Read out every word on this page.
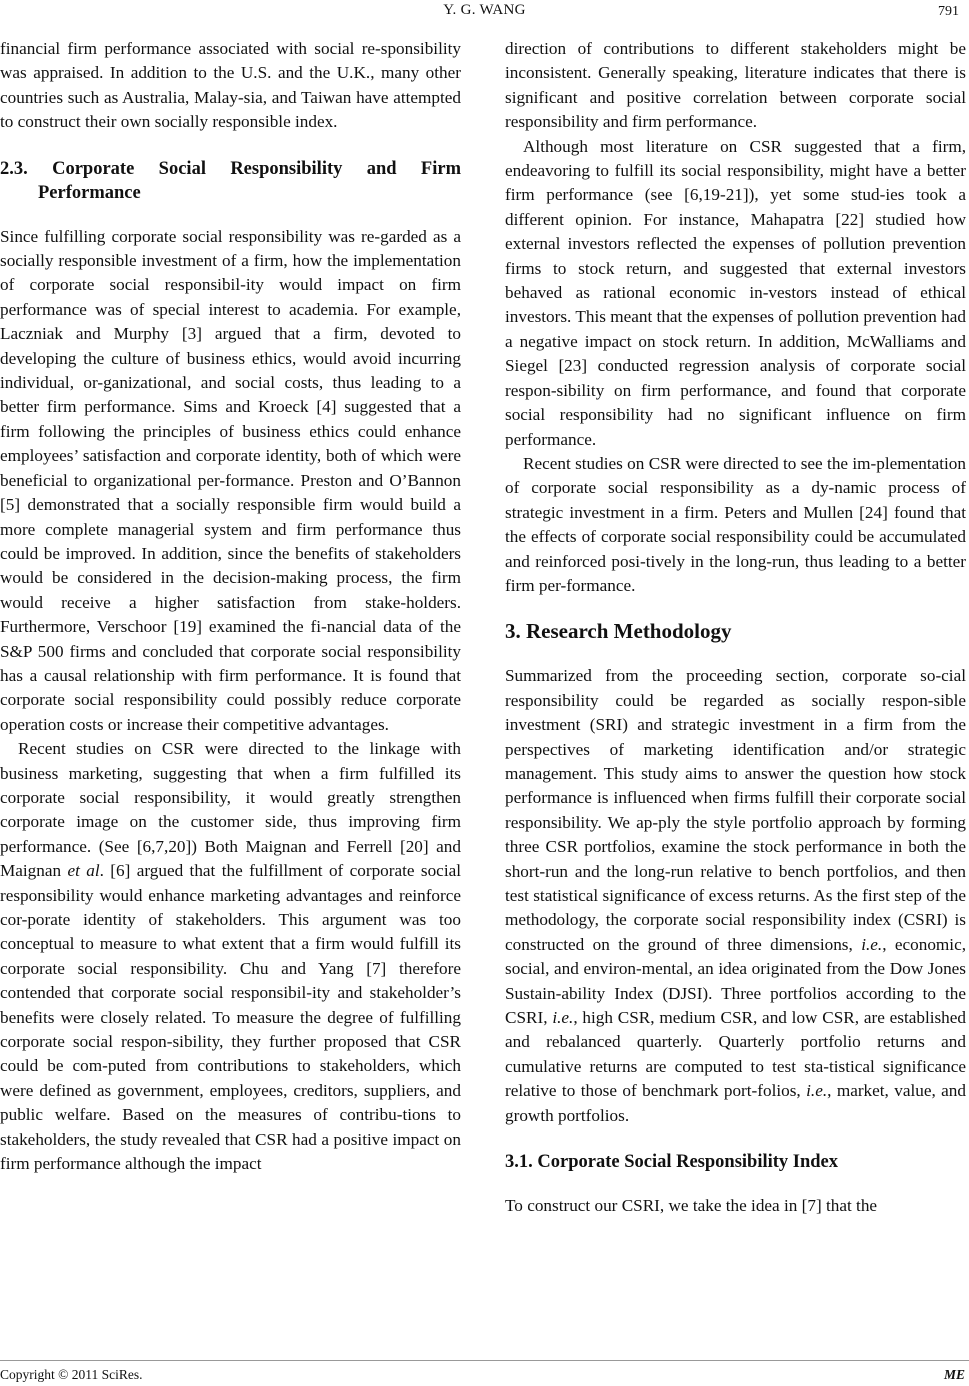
Y. G. WANG	791

financial firm performance associated with social re-sponsibility was appraised. In addition to the U.S. and the U.K., many other countries such as Australia, Malay-sia, and Taiwan have attempted to construct their own socially responsible index.

2.3. Corporate Social Responsibility and Firm Performance

Since fulfilling corporate social responsibility was re-garded as a socially responsible investment of a firm, how the implementation of corporate social responsibil-ity would impact on firm performance was of special interest to academia. For example, Laczniak and Murphy [3] argued that a firm, devoted to developing the culture of business ethics, would avoid incurring individual, or-ganizational, and social costs, thus leading to a better firm performance. Sims and Kroeck [4] suggested that a firm following the principles of business ethics could enhance employees’ satisfaction and corporate identity, both of which were beneficial to organizational per-formance. Preston and O’Bannon [5] demonstrated that a socially responsible firm would build a more complete managerial system and firm performance thus could be improved. In addition, since the benefits of stakeholders would be considered in the decision-making process, the firm would receive a higher satisfaction from stake-holders. Furthermore, Verschoor [19] examined the fi-nancial data of the S&P 500 firms and concluded that corporate social responsibility has a causal relationship with firm performance. It is found that corporate social responsibility could possibly reduce corporate operation costs or increase their competitive advantages.

Recent studies on CSR were directed to the linkage with business marketing, suggesting that when a firm fulfilled its corporate social responsibility, it would greatly strengthen corporate image on the customer side, thus improving firm performance. (See [6,7,20]) Both Maignan and Ferrell [20] and Maignan et al. [6] argued that the fulfillment of corporate social responsibility would enhance marketing advantages and reinforce cor-porate identity of stakeholders. This argument was too conceptual to measure to what extent that a firm would fulfill its corporate social responsibility. Chu and Yang [7] therefore contended that corporate social responsibil-ity and stakeholder’s benefits were closely related. To measure the degree of fulfilling corporate social respon-sibility, they further proposed that CSR could be com-puted from contributions to stakeholders, which were defined as government, employees, creditors, suppliers, and public welfare. Based on the measures of contribu-tions to stakeholders, the study revealed that CSR had a positive impact on firm performance although the impact

direction of contributions to different stakeholders might be inconsistent. Generally speaking, literature indicates that there is significant and positive correlation between corporate social responsibility and firm performance.

Although most literature on CSR suggested that a firm, endeavoring to fulfill its social responsibility, might have a better firm performance (see [6,19-21]), yet some stud-ies took a different opinion. For instance, Mahapatra [22] studied how external investors reflected the expenses of pollution prevention firms to stock return, and suggested that external investors behaved as rational economic in-vestors instead of ethical investors. This meant that the expenses of pollution prevention had a negative impact on stock return. In addition, McWalliams and Siegel [23] conducted regression analysis of corporate social respon-sibility on firm performance, and found that corporate social responsibility had no significant influence on firm performance.

Recent studies on CSR were directed to see the im-plementation of corporate social responsibility as a dy-namic process of strategic investment in a firm. Peters and Mullen [24] found that the effects of corporate social responsibility could be accumulated and reinforced posi-tively in the long-run, thus leading to a better firm per-formance.

3. Research Methodology

Summarized from the proceeding section, corporate so-cial responsibility could be regarded as socially respon-sible investment (SRI) and strategic investment in a firm from the perspectives of marketing identification and/or strategic management. This study aims to answer the question how stock performance is influenced when firms fulfill their corporate social responsibility. We ap-ply the style portfolio approach by forming three CSR portfolios, examine the stock performance in both the short-run and the long-run relative to bench portfolios, and then test statistical significance of excess returns. As the first step of the methodology, the corporate social responsibility index (CSRI) is constructed on the ground of three dimensions, i.e., economic, social, and environ-mental, an idea originated from the Dow Jones Sustain-ability Index (DJSI). Three portfolios according to the CSRI, i.e., high CSR, medium CSR, and low CSR, are established and rebalanced quarterly. Quarterly portfolio returns and cumulative returns are computed to test sta-tistical significance relative to those of benchmark port-folios, i.e., market, value, and growth portfolios.

3.1. Corporate Social Responsibility Index

To construct our CSRI, we take the idea in [7] that the

Copyright © 2011 SciRes.	ME
